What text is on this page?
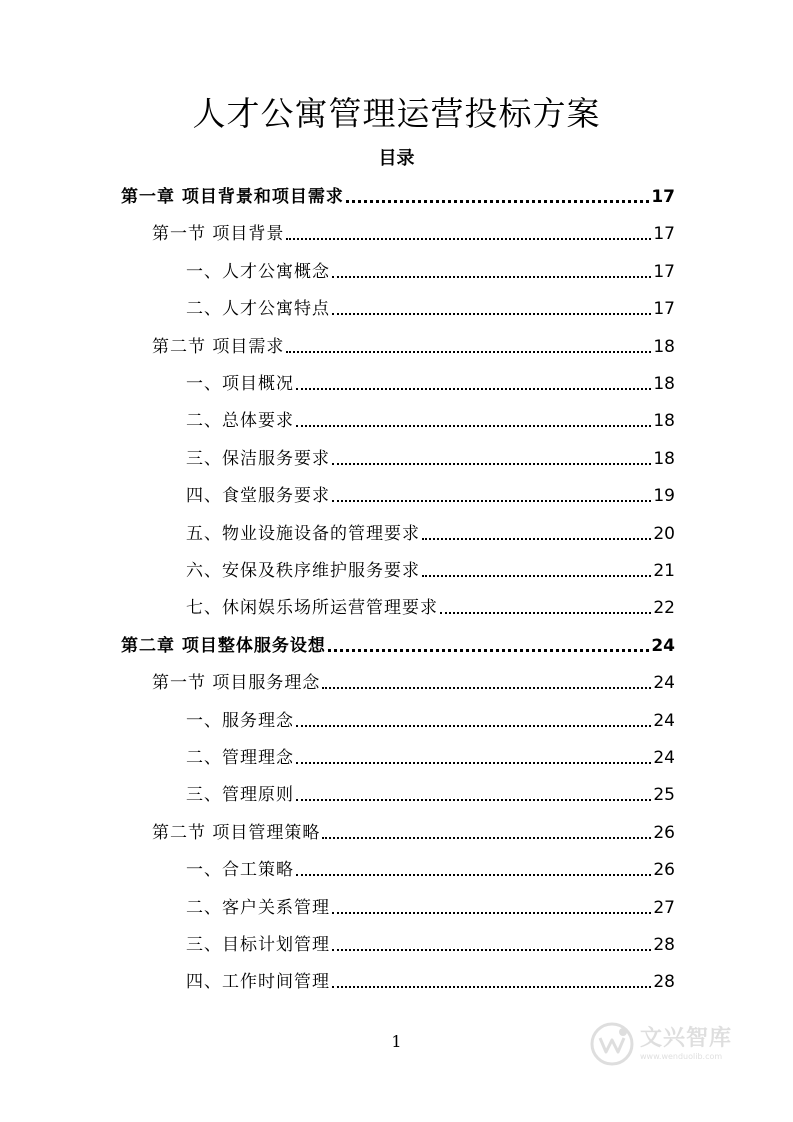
人才公寓管理运营投标方案
目录
第一章 项目背景和项目需求	17
第一节 项目背景	17
一、人才公寓概念	17
二、人才公寓特点	17
第二节 项目需求	18
一、项目概况	18
二、总体要求	18
三、保洁服务要求	18
四、食堂服务要求	19
五、物业设施设备的管理要求	20
六、安保及秩序维护服务要求	21
七、休闲娱乐场所运营管理要求	22
第二章 项目整体服务设想	24
第一节 项目服务理念	24
一、服务理念	24
二、管理理念	24
三、管理原则	25
第二节 项目管理策略	26
一、合工策略	26
二、客户关系管理	27
三、目标计划管理	28
四、工作时间管理	28
1	文兴智库
www.wenduolib.com
